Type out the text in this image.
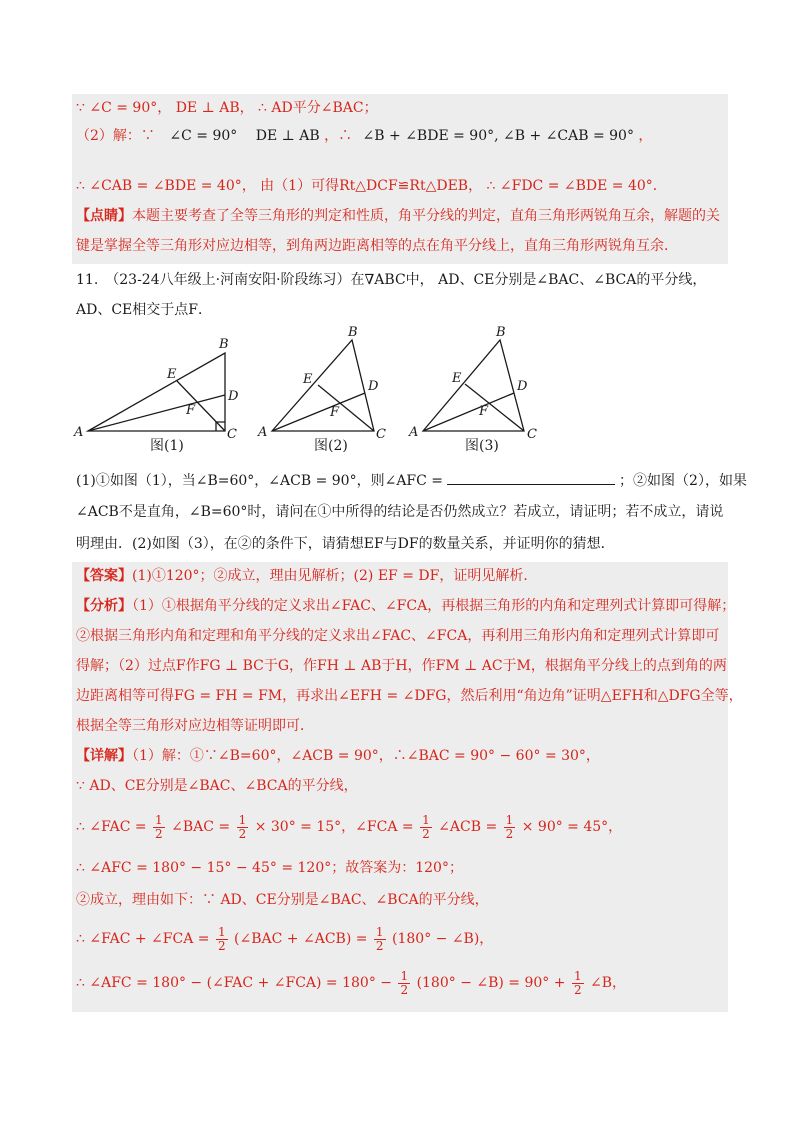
∵ ∠C = 90°， DE ⊥ AB， ∴ AD平分∠BAC；
（2）解：∵ ∠C = 90° DE ⊥ AB ，∴ ∠B + ∠BDE = 90°, ∠B + ∠CAB = 90° ，
∴ ∠CAB = ∠BDE = 40°， 由（1）可得Rt△DCF≌Rt△DEB， ∴ ∠FDC = ∠BDE = 40°．
【点睛】本题主要考查了全等三角形的判定和性质，角平分线的判定，直角三角形两锐角互余，解题的关
键是掌握全等三角形对应边相等，到角两边距离相等的点在角平分线上，直角三角形两锐角互余．
11.　（23-24八年级上·河南安阳·阶段练习）在∇ABC中， AD、CE分别是∠BAC、∠BCA的平分线，
AD、CE相交于点F．
A
B
C
D
E
F
图(1)
A
B
C
D
E
F
图(2)
A
B
C
D
E
F
图(3)
(1)①如图（1），当∠B=60°，∠ACB = 90°，则∠AFC =	；②如图（2），如果
∠ACB不是直角，∠B=60°时，请问在①中所得的结论是否仍然成立？若成立，请证明；若不成立，请说
明理由．(2)如图（3），在②的条件下，请猜想EF与DF的数量关系，并证明你的猜想．
【答案】(1)①120°；②成立，理由见解析；(2) EF = DF，证明见解析．
【分析】（1）①根据角平分线的定义求出∠FAC、∠FCA，再根据三角形的内角和定理列式计算即可得解；
②根据三角形内角和定理和角平分线的定义求出∠FAC、∠FCA，再利用三角形内角和定理列式计算即可
得解；（2）过点F作FG ⊥ BC于G，作FH ⊥ AB于H，作FM ⊥ AC于M，根据角平分线上的点到角的两
边距离相等可得FG = FH = FM，再求出∠EFH = ∠DFG，然后利用“角边角”证明△EFH和△DFG全等，
根据全等三角形对应边相等证明即可．
【详解】（1）解：①∵∠B=60°，∠ACB = 90°，∴∠BAC = 90° − 60° = 30°，
∵ AD、CE分别是∠BAC、∠BCA的平分线，
∴ ∠FAC = $\frac{1}{2}$ ∠BAC = $\frac{1}{2} \times 30^\circ = 15^\circ$，∠FCA = $\frac{1}{2}$ ∠ACB = $\frac{1}{2} \times 90^\circ = 45^\circ$，
∴ ∠AFC = 180° − 15° − 45° = 120°；故答案为：120°；
②成立，理由如下：∵ AD、CE分别是∠BAC、∠BCA的平分线，
∴ ∠FAC + ∠FCA = $\frac{1}{2}$ (∠BAC + ∠ACB) = $\frac{1}{2} (180^\circ$ − ∠B)，
∴ ∠AFC = 180° − (∠FAC + ∠FCA) = $180^\circ - \frac{1}{2} (180^\circ$ − ∠B) = $90^\circ + \frac{1}{2}$ ∠B，
